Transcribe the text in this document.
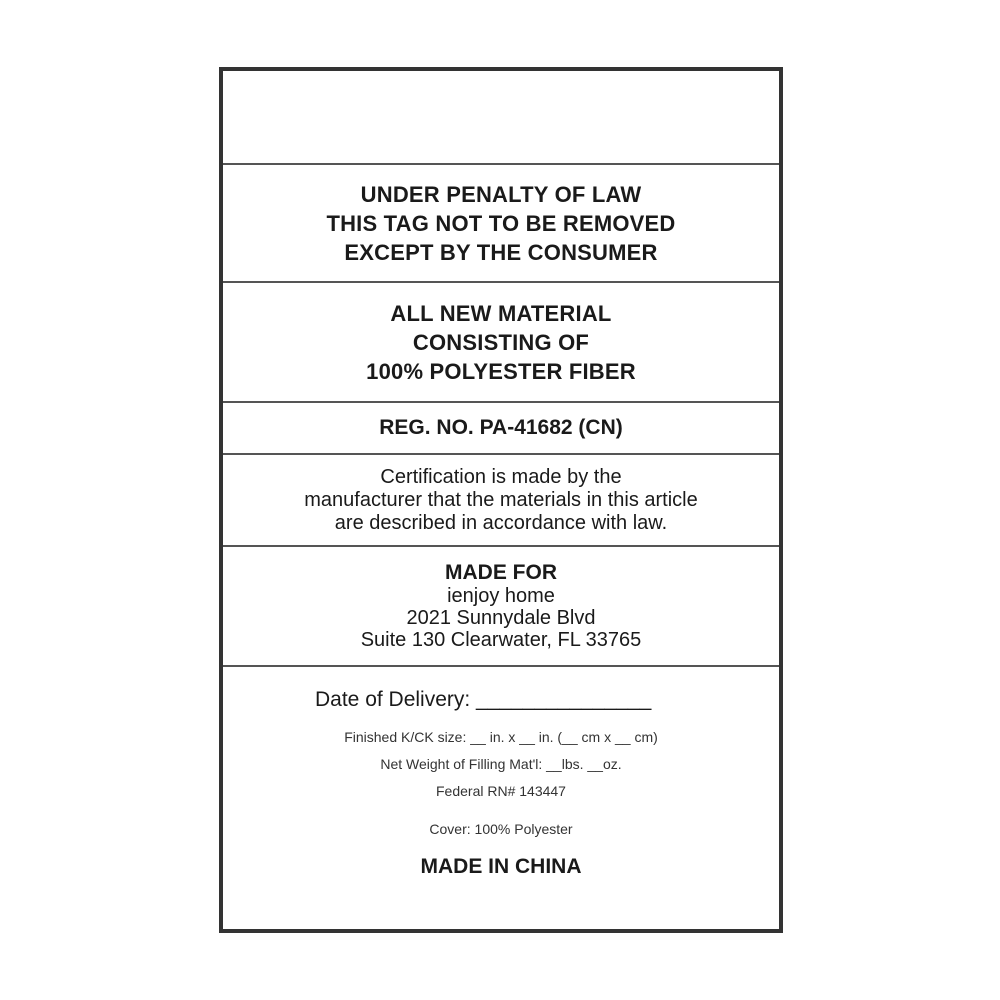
UNDER PENALTY OF LAW
THIS TAG NOT TO BE REMOVED
EXCEPT BY THE CONSUMER
ALL NEW MATERIAL
CONSISTING OF
100% POLYESTER FIBER
REG. NO. PA-41682 (CN)
Certification is made by the
manufacturer that the materials in this article
are described in accordance with law.
MADE FOR
ienjoy home
2021 Sunnydale Blvd
Suite 130 Clearwater, FL 33765
Date of Delivery: _______________
Finished K/CK size: __ in. x __ in. (__ cm x __ cm)
Net Weight of Filling Mat'l: __lbs. __oz.
Federal RN# 143447
Cover: 100% Polyester
MADE IN CHINA
